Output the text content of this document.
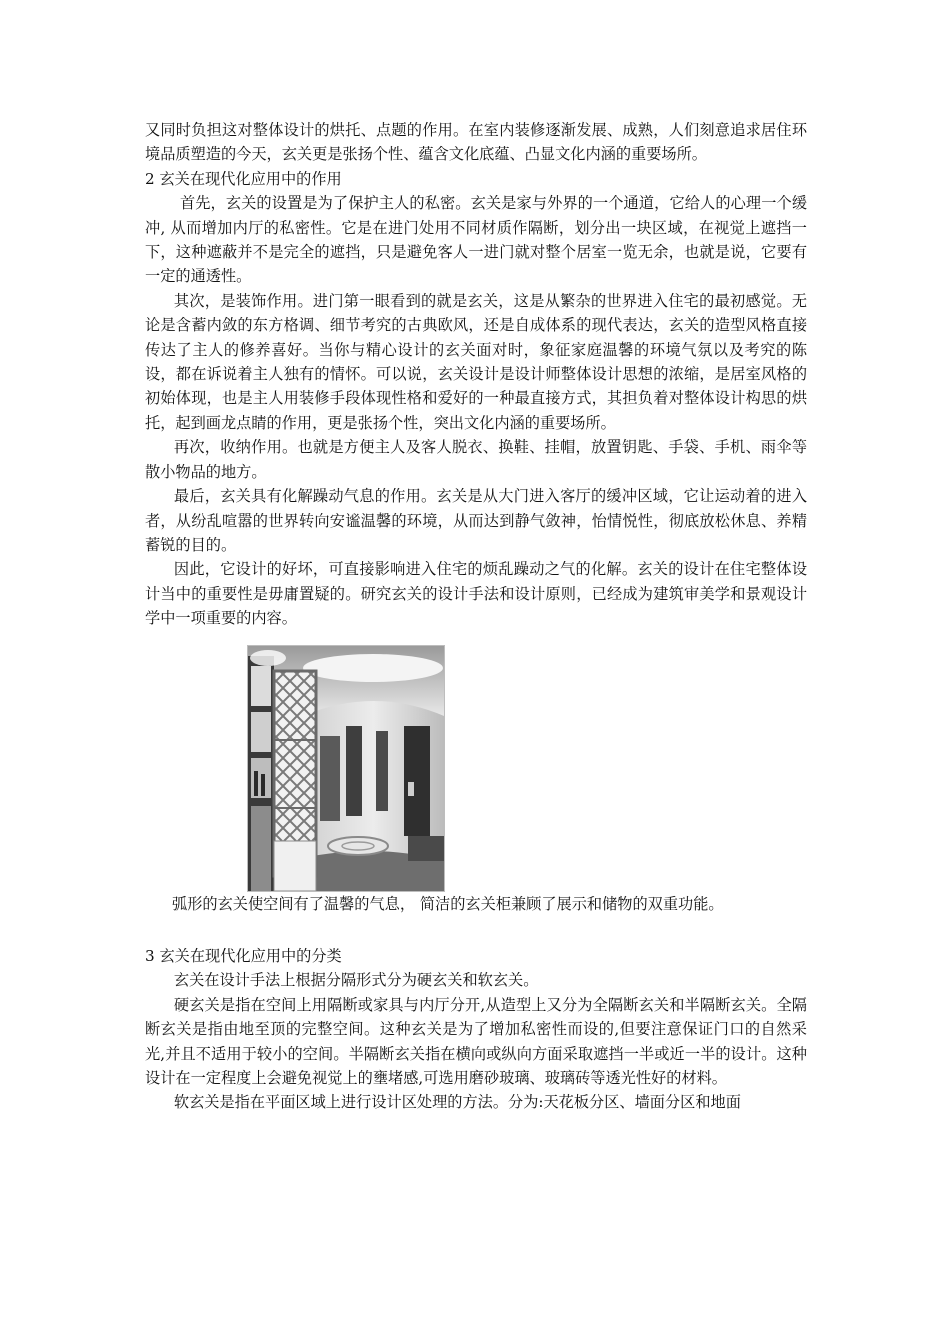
又同时负担这对整体设计的烘托、点题的作用。在室内装修逐渐发展、成熟，人们刻意追求居住环境品质塑造的今天，玄关更是张扬个性、蕴含文化底蕴、凸显文化内涵的重要场所。

2 玄关在现代化应用中的作用

首先，玄关的设置是为了保护主人的私密。玄关是家与外界的一个通道，它给人的心理一个缓冲, 从而增加内厅的私密性。它是在进门处用不同材质作隔断，划分出一块区域，在视觉上遮挡一下，这种遮蔽并不是完全的遮挡，只是避免客人一进门就对整个居室一览无余，也就是说，它要有一定的通透性。

其次，是装饰作用。进门第一眼看到的就是玄关，这是从繁杂的世界进入住宅的最初感觉。无论是含蓄内敛的东方格调、细节考究的古典欧风，还是自成体系的现代表达，玄关的造型风格直接传达了主人的修养喜好。当你与精心设计的玄关面对时，象征家庭温馨的环境气氛以及考究的陈设，都在诉说着主人独有的情怀。可以说，玄关设计是设计师整体设计思想的浓缩，是居室风格的初始体现，也是主人用装修手段体现性格和爱好的一种最直接方式，其担负着对整体设计构思的烘托，起到画龙点睛的作用，更是张扬个性，突出文化内涵的重要场所。

再次，收纳作用。也就是方便主人及客人脱衣、换鞋、挂帽，放置钥匙、手袋、手机、雨伞等散小物品的地方。

最后，玄关具有化解躁动气息的作用。玄关是从大门进入客厅的缓冲区域，它让运动着的进入者，从纷乱喧嚣的世界转向安谧温馨的环境，从而达到静气敛神，怡情悦性，彻底放松休息、养精蓄锐的目的。

因此，它设计的好坏，可直接影响进入住宅的烦乱躁动之气的化解。玄关的设计在住宅整体设计当中的重要性是毋庸置疑的。研究玄关的设计手法和设计原则，已经成为建筑审美学和景观设计学中一项重要的内容。

弧形的玄关使空间有了温馨的气息， 简洁的玄关柜兼顾了展示和储物的双重功能。

3 玄关在现代化应用中的分类

玄关在设计手法上根据分隔形式分为硬玄关和软玄关。

硬玄关是指在空间上用隔断或家具与内厅分开,从造型上又分为全隔断玄关和半隔断玄关。全隔断玄关是指由地至顶的完整空间。这种玄关是为了增加私密性而设的,但要注意保证门口的自然采光,并且不适用于较小的空间。半隔断玄关指在横向或纵向方面采取遮挡一半或近一半的设计。这种设计在一定程度上会避免视觉上的壅堵感,可选用磨砂玻璃、玻璃砖等透光性好的材料。

软玄关是指在平面区域上进行设计区处理的方法。分为:天花板分区、墙面分区和地面
